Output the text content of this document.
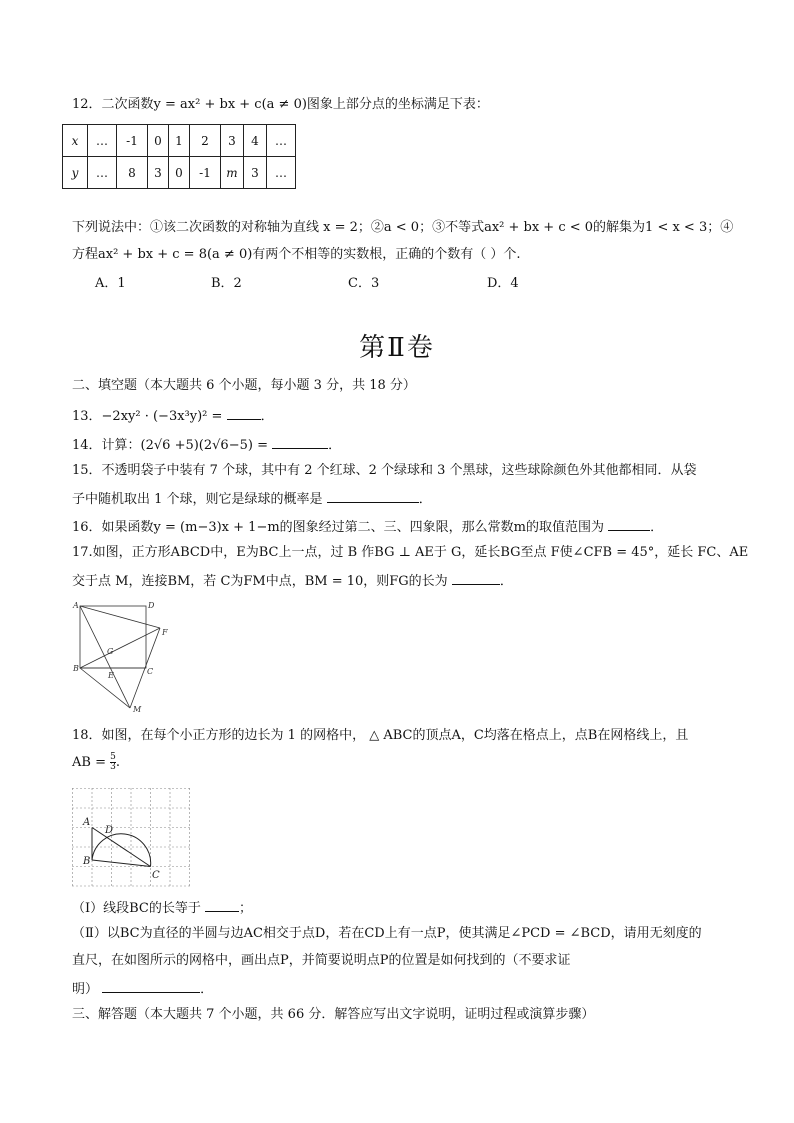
12．二次函数y = ax² + bx + c(a ≠ 0)图象上部分点的坐标满足下表：
x	…	-1	0	1	2	3	4	…
y	…	8	3	0	-1	m	3	…
下列说法中：①该二次函数的对称轴为直线 x = 2；②a < 0；③不等式ax² + bx + c < 0的解集为1 < x < 3；④
方程ax² + bx + c = 8(a ≠ 0)有两个不相等的实数根，正确的个数有（ ）个.
A．1	B．2	C．3	D．4
第Ⅱ卷
二、填空题（本大题共 6 个小题，每小题 3 分，共 18 分）
13．−2xy² · (−3x³y)² =	．
14．计算：(2√6 +5)(2√6−5) =	．
15．不透明袋子中装有 7 个球，其中有 2 个红球、2 个绿球和 3 个黑球，这些球除颜色外其他都相同．从袋
子中随机取出 1 个球，则它是绿球的概率是	．
16．如果函数y = (m−3)x + 1−m的图象经过第二、三、四象限，那么常数m的取值范围为	．
17.如图，正方形ABCD中，E为BC上一点，过 B 作BG ⊥ AE于 G，延长BG至点 F使∠CFB = 45°，延长 FC、AE
交于点 M，连接BM，若 C为FM中点，BM = 10，则FG的长为	．
A	D
F
G
B
E	C
M
18．如图，在每个小正方形的边长为 1 的网格中， △ ABC的顶点A，C均落在格点上，点B在网格线上，且
AB = $\frac{5}{3}$ .
A
D
B
C
（Ⅰ）线段BC的长等于	；
（Ⅱ）以BC为直径的半圆与边AC相交于点D，若在CD上有一点P，使其满足∠PCD = ∠BCD，请用无刻度的
直尺，在如图所示的网格中，画出点P，并简要说明点P的位置是如何找到的（不要求证
明）	．
三、解答题（本大题共 7 个小题，共 66 分．解答应写出文字说明，证明过程或演算步骤）
